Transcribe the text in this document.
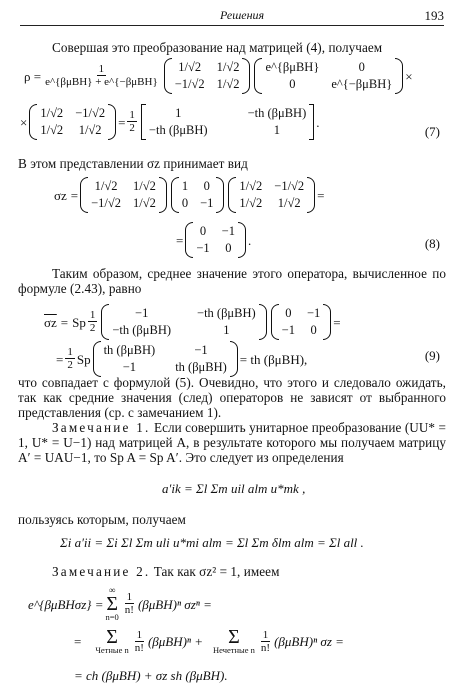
Решения	193
Совершая это преобразование над матрицей (4), получаем
$\rho = \frac{1}{\text{e\textasciicircum{}\{βμBH\} + e\textasciicircum{}\{−βμBH\}}} 1/√2$ 1/√2
−1/√2 1/√2
e^{βμBH}	0
0	e^{−βμBH}
×
×
1/√2 −1/√2
1/√2 1/√2
= $\frac{1}{2}$	1	−th (βμBH)
−th (βμBH)	1
.
(7)
В этом представлении σz принимает вид
σz =
1/√2 1/√2
−1/√2 1/√2
1 0
0 −1
1/√2 −1/√2
1/√2 1/√2
=
=
0 −1
−1 0
.	(8)
Таким образом, среднее значение этого оператора, вычисленное по формуле (2.43), равно
$\overline{\sigma z} = Sp \frac{1}{2}$	−1	−th (βμBH)
−th (βμBH)	1
0 −1
−1 0
=
= $\frac{1}{2}$ Sp
th (βμBH)	−1
−1	th (βμBH)
= th (βμBH),	(9)
что совпадает с формулой (5). Очевидно, что этого и следовало ожидать, так как средние значения (след) операторов не зависят от выбранного представления (ср. с замечанием 1).
Замечание 1. Если совершить унитарное преобразование (UU* = 1, U* = U−1) над матрицей A, в результате которого мы получаем матрицу A′ = UAU−1, то Sp A = Sp A′. Это следует из определения
a′ik = Σl Σm uil alm u*mk ,
пользуясь которым, получаем
Σi a′ii = Σi Σl Σm uli u*mi alm = Σl Σm δlm alm = Σl all .
Замечание 2. Так как σz² = 1, имеем
e^{βμBHσz} =
∞
Σ
n=0
$\frac{1}{n!} (\beta\mu BH)^n$ σzⁿ =
= Σ
Четные n $\frac{1}{n!} (\beta\mu BH)^n + \Sigma$
Нечетные n $\frac{1}{n!} (\beta\mu BH)^n$ σz =
= ch (βμBH) + σz sh (βμBH).
